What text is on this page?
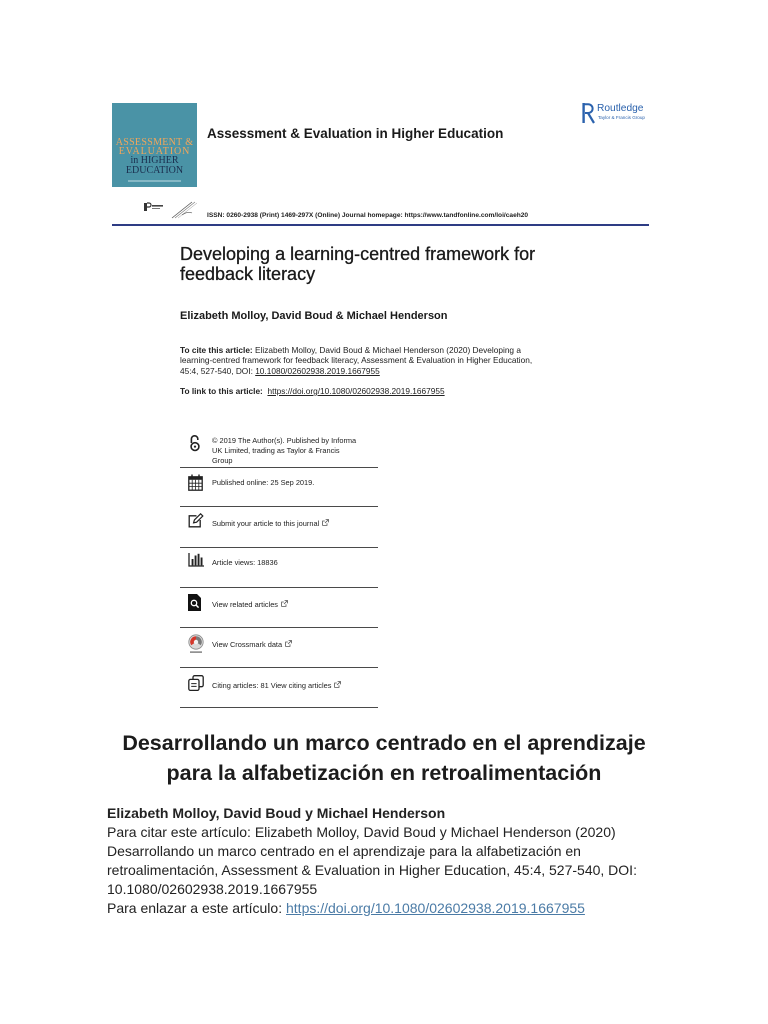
ASSESSMENT &
EVALUATION
in HIGHER
EDUCATION
Assessment & Evaluation in Higher Education
Routledge
Taylor & Francis Group
ISSN: 0260-2938 (Print) 1469-297X (Online) Journal homepage: https://www.tandfonline.com/loi/caeh20
Developing a learning-centred framework for
feedback literacy
Elizabeth Molloy, David Boud & Michael Henderson
To cite this article: Elizabeth Molloy, David Boud & Michael Henderson (2020) Developing a
learning-centred framework for feedback literacy, Assessment & Evaluation in Higher Education,
45:4, 527-540, DOI: 10.1080/02602938.2019.1667955
To link to this article: https://doi.org/10.1080/02602938.2019.1667955
© 2019 The Author(s). Published by Informa
UK Limited, trading as Taylor & Francis
Group
Published online: 25 Sep 2019.
Submit your article to this journal
Article views: 18836
View related articles
View Crossmark data
Citing articles: 81 View citing articles
Desarrollando un marco centrado en el aprendizaje
para la alfabetización en retroalimentación
Elizabeth Molloy, David Boud y Michael Henderson
Para citar este artículo: Elizabeth Molloy, David Boud y Michael Henderson (2020)
Desarrollando un marco centrado en el aprendizaje para la alfabetización en
retroalimentación, Assessment & Evaluation in Higher Education, 45:4, 527-540, DOI:
10.1080/02602938.2019.1667955
Para enlazar a este artículo: https://doi.org/10.1080/02602938.2019.1667955
